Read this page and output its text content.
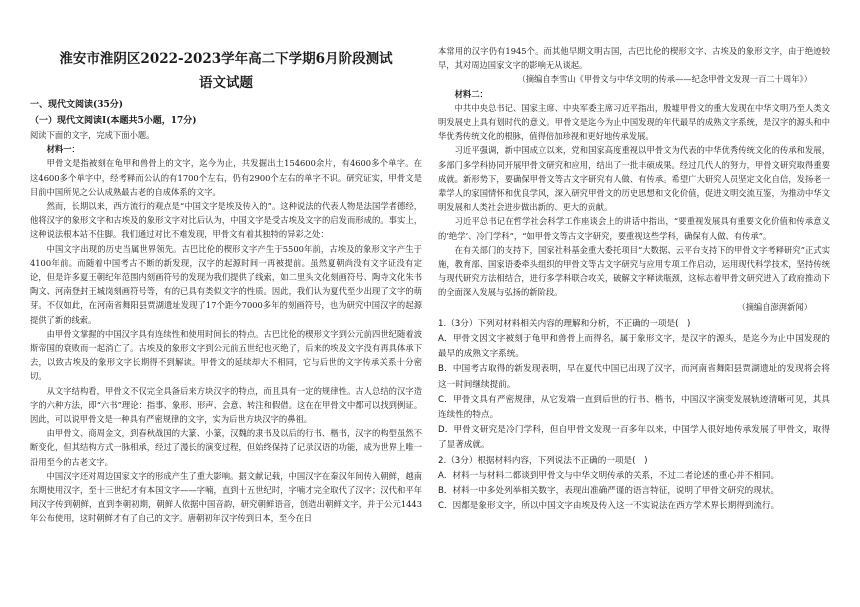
淮安市淮阴区2022-2023学年高二下学期6月阶段测试
语文试题
一、现代文阅读(35分)
（一）现代文阅读I(本题共5小题，17分)

阅读下面的文字，完成下面小题。

材料一：

甲骨文是指被刻在龟甲和兽骨上的文字，迄今为止，共发掘出土154600余片，有4600多个单字。在这4600多个单字中，经考释而公认的有1700个左右，仍有2900个左右的单字不识。研究证实，甲骨文是目前中国所见之公认成熟最古老的自成体系的文字。

然而，长期以来，西方流行的观点是“中国文字是埃及传入的”。这种说法的代表人物是法国学者德经，他将汉字的象形文字和古埃及的象形文字对比后认为，中国文字是受古埃及文字的启发而形成的。事实上，这种说法根本站不住脚。我们通过对比不难发现，甲骨文有着其独特的异彩之处：

中国文字出现的历史当属世界领先。古巴比伦的楔形文字产生于5500年前，古埃及的象形文字产生于4100年前。而随着中国考古不断的新发现，汉字的起源时间一再被提前。虽然夏朝尚没有文字证没有定论，但是许多夏王朝纪年范围内刻画符号的发现为我们提供了线索，如二里头文化刻画符号、陶寺文化朱书陶文、河南登封王城岗刻画符号等，有的已具有类似文字的性质。因此，我们认为夏代至少出现了文字的萌芽。不仅如此，在河南省舞阳县贾湖遗址发现了17个距今7000多年的刻画符号，也为研究中国汉字的起源提供了新的线索。

由甲骨文掌握的中国汉字具有连续性和使用时间长的特点。古巴比伦的楔形文字到公元前四世纪随着波斯帝国的衰败而一起消亡了。古埃及的象形文字到公元前五世纪也灭绝了，后来的埃及文字没有再具体承下去，以致古埃及的象形文字长期得不到解读。甲骨文的延续却大不相同，它与后世的文字传承关系十分密切。

从文字结构看，甲骨文不仅完全具备后来方块汉字的特点，而且具有一定的规律性。古人总结的汉字造字的六种方法，即“六书”理论：指事、象形、形声、会意、转注和假借。这在在甲骨文中都可以找到例证。因此，可以说甲骨文是一种具有严密规律的文字，实为后世方块汉字的鼻祖。

由甲骨文、商周金文，到春秋战国的大篆、小篆，汉魏的隶书及以后的行书、楷书，汉字的构型虽然不断变化，但其结构方式一脉相承，经过了漫长的演变过程，但始终保持了记录汉语的功能，成为世界上唯一沿用至今的古老文字。

中国汉字还对周边国家文字的形成产生了重大影响。据文献记载，中国汉字在秦汉年间传入朝鲜，越南东期使用汉字，至十三世纪才有本国文字——字喃，直到十五世纪时，字喃才完全取代了汉字；汉代和平年间汉字传到朝鲜，直到李朝初期，朝鲜人依据中国音韵，研究朝鲜语音，创造出朝鲜文字，并于公元1443年公布使用，这时朝鲜才有了自己的文字。唐朝初年汉字传到日本，至今在日

本常用的汉字仍有1945个。而其他早期文明古国，古巴比伦的楔形文字、古埃及的象形文字，由于绝迹较早，其对周边国家文字的影响无从谈起。

（摘编自李雪山《甲骨文与中华文明的传承——纪念甲骨文发现一百二十周年》）

材料二：

中共中央总书记、国家主席、中央军委主席习近平指出，殷墟甲骨文的重大发现在中华文明乃至人类文明发展史上具有划时代的意义。甲骨文是迄今为止中国发现的年代最早的成熟文字系统，是汉字的源头和中华优秀传统文化的根脉，值得倍加珍视和更好地传承发展。

习近平强调，新中国成立以来，党和国家高度重视以甲骨文为代表的中华优秀传统文化的传承和发展，多部门多学科协同开展甲骨文研究和应用，结出了一批丰硕成果。经过几代人的努力，甲骨文研究取得重要成就。新形势下，要确保甲骨文等古文字研究有人做、有传承。希望广大研究人员坚定文化自信，发扬老一辈学人的家国情怀和优良学风，深入研究甲骨文的历史思想和文化价值，促进文明交流互鉴，为推动中华文明发展和人类社会进步做出新的、更大的贡献。

习近平总书记在哲学社会科学工作座谈会上的讲话中指出，“要重视发展具有重要文化价值和传承意义的‘绝学’、冷门学科”，“如甲骨文等古文字研究，要重视这些学科，确保有人做、有传承”。

在有关部门的支持下，国家社科基金重大委托项目“大数据、云平台支持下的甲骨文字考释研究”正式实施，教育部、国家语委牵头组织的甲骨文等古文字研究与应用专项工作启动，运用现代科学技术，坚持传统与现代研究方法相结合，进行多学科联合攻关，破解文字释读瓶颈，这标志着甲骨文研究进入了政府推动下的全面深入发展与弘扬的新阶段。

（摘编自澎湃新闻）

1.（3分）下列对材料相关内容的理解和分析，不正确的一项是(　)

A．甲骨文因文字被刻于龟甲和兽骨上而得名，属于象形文字，是汉字的源头，是迄今为止中国发现的最早的成熟文字系统。

B．中国考古取得的新发现表明，早在夏代中国已出现了汉字，而河南省舞阳县贾湖遗址的发现将会将这一时间继续提前。

C．甲骨文具有严密规律，从它发端一直到后世的行书、楷书，中国汉字演变发展轨迹清晰可见，其具连续性的特点。

D．甲骨文研究是冷门学科，但自甲骨文发现一百多年以来，中国学人很好地传承发展了甲骨文，取得了显著成就。

2.（3分）根据材料内容，下列说法不正确的一项是(　)

A．材料一与材料二都谈到甲骨文与中华文明传承的关系，不过二者论述的重心并不相同。

B．材料一中多处列举相关数字，表现出准确严谨的语言特征，说明了甲骨文研究的现状。

C．因都是象形文字，所以中国文字由埃及传入这一不实说法在西方学术界长期得到流行。
